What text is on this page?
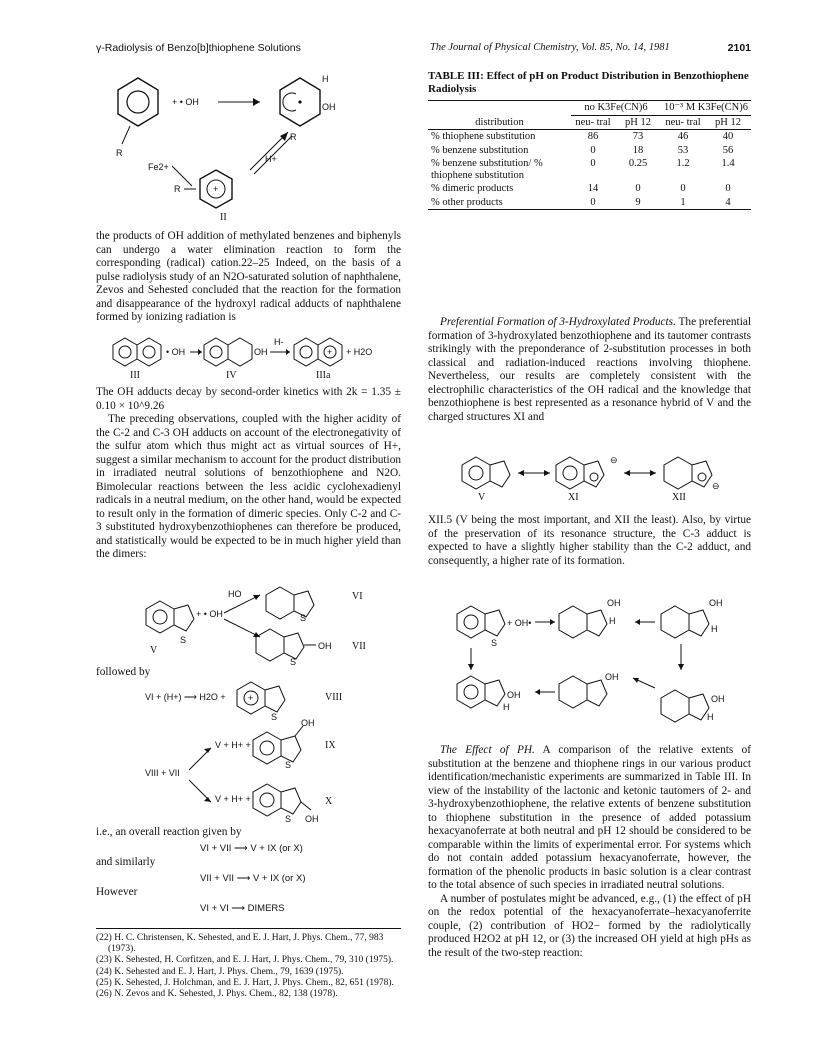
γ-Radiolysis of Benzo[b]thiophene Solutions	The Journal of Physical Chemistry, Vol. 85, No. 14, 1981	2101
R
+ • OH
H
OH
R
H+
Fe2+
R	+
II

the products of OH addition of methylated benzenes and biphenyls can undergo a water elimination reaction to form the corresponding (radical) cation.22–25 Indeed, on the basis of a pulse radiolysis study of an N2O-saturated solution of naphthalene, Zevos and Sehested concluded that the reaction for the formation and disappearance of the hydroxyl radical adducts of naphthalene formed by ionizing radiation is

• OH	OH
H-
+ + H2O
III	IV	IIIa

The OH adducts decay by second-order kinetics with 2k = 1.35 ± 0.10 × 10^9.26

The preceding observations, coupled with the higher acidity of the C-2 and C-3 OH adducts on account of the electronegativity of the sulfur atom which thus might act as virtual sources of H+, suggest a similar mechanism to account for the product distribution in irradiated neutral solutions of benzothiophene and N2O. Bimolecular reactions between the less acidic cyclohexadienyl radicals in a neutral medium, on the other hand, would be expected to result only in the formation of dimeric species. Only C-2 and C-3 substituted hydroxybenzothiophenes can therefore be produced, and statistically would be expected to be in much higher yield than the dimers:

S
+ • OH
V
HO
S
VI
OH
S
VII
followed by
VI + (H+) ⟶ H2O + +
S
VIII
VIII + VII
V + H+ +
OH
S
IX
V + H+ +
OH
S
X
i.e., an overall reaction given by
VI + VII ⟶ V + IX (or X)
and similarly
VII + VII ⟶ V + IX (or X)
However
VI + VI ⟶ DIMERS

(22) H. C. Christensen, K. Sehested, and E. J. Hart, J. Phys. Chem., 77, 983 (1973).

(23) K. Sehested, H. Corfitzen, and E. J. Hart, J. Phys. Chem., 79, 310 (1975).

(24) K. Sehested and E. J. Hart, J. Phys. Chem., 79, 1639 (1975).

(25) K. Sehested, J. Holchman, and E. J. Hart, J. Phys. Chem., 82, 651 (1978).

(26) N. Zevos and K. Sehested, J. Phys. Chem., 82, 138 (1978).

TABLE III: Effect of pH on Product Distribution in Benzothiophene Radiolysis
	no K3Fe(CN)6		10⁻³ M K3Fe(CN)6	
distribution	neu- tral	pH 12	neu- tral	pH 12
% thiophene substitution	86	73	46	40
% benzene substitution	0	18	53	56
% benzene substitution/ % thiophene substitution	0	0.25	1.2	1.4
% dimeric products	14	0	0	0
% other products	0	9	1	4

Preferential Formation of 3-Hydroxylated Products. The preferential formation of 3-hydroxylated benzothiophene and its tautomer contrasts strikingly with the preponderance of 2-substitution processes in both classical and radiation-induced reactions involving thiophene. Nevertheless, our results are completely consistent with the electrophilic characteristics of the OH radical and the knowledge that benzothiophene is best represented as a resonance hybrid of V and the charged structures XI and

⊖
⊖
V	XI	XII

XII.5 (V being the most important, and XII the least). Also, by virtue of the preservation of its resonance structure, the C-3 adduct is expected to have a slightly higher stability than the C-2 adduct, and consequently, a higher rate of its formation.

S
+ OH•
OH
H
OH
H
OH
H
OH
OH
H

The Effect of PH. A comparison of the relative extents of substitution at the benzene and thiophene rings in our various product identification/mechanistic experiments are summarized in Table III. In view of the instability of the lactonic and ketonic tautomers of 2- and 3-hydroxybenzothiophene, the relative extents of benzene substitution to thiophene substitution in the presence of added potassium hexacyanoferrate at both neutral and pH 12 should be considered to be comparable within the limits of experimental error. For systems which do not contain added potassium hexacyanoferrate, however, the formation of the phenolic products in basic solution is a clear contrast to the total absence of such species in irradiated neutral solutions.

A number of postulates might be advanced, e.g., (1) the effect of pH on the redox potential of the hexacyanoferrate–hexacyanoferrite couple, (2) contribution of HO2− formed by the radiolytically produced H2O2 at pH 12, or (3) the increased OH yield at high pHs as the result of the two-step reaction:
